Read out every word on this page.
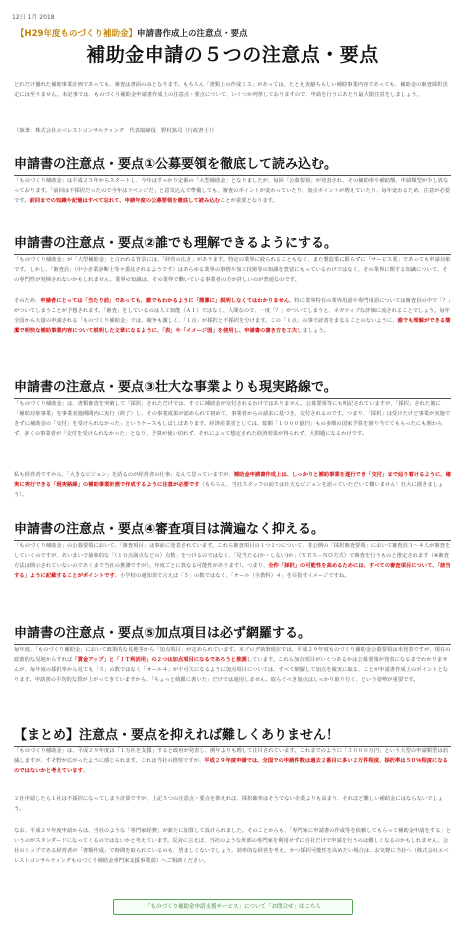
12日 1月 2018
【H29年度ものづくり補助金】申請書作成上の注意点・要点
補助金申請の５つの注意点・要点
どれだけ優れた補助事業計画であっても、審査は書面のみとなります。もちろん「書類上の作成ミス」があっては、たとえ実績ちらしい補助事業内容であっても、補助金の審査採択決定には至りません。本記事では、ものづくり補助金申請書作成上の注意点・要点について、いくつか列挙しておりますので、申請を行うにあたり最大限注意をしましょう。
（執筆：株式会社エベレストコンサルティング　代表取締役　野村篤司（行政書士））
申請書の注意点・要点①公募要領を徹底して読み込む。
「ものづくり補助金」は平成２５年からスタートし、今年はすっかり定番の「大型補助金」となりましたが、毎回「公募要領」が発表され、その補助率や補助額、申請類型が少し異なっております。「前回は不採択だったので今年はリベンジだ」と意気込んで準備しても、審査のポイントが変わっていたり、加点ポイントが増えていたり、毎年変わるため、注意が必要です。前回までの知識や記憶はすべて忘れて、申請年度の公募要領を徹底して読み込むことが重要となります。
申請書の注意点・要点②誰でも理解できるようにする。
「ものづくり補助金」が「大型補助金」と言われる背景には、「経営の広さ」があります。特定の業界に絞られることもなく、また製造業に限らずに「サービス業」であっても申請対象です。しかし、「審査員」（中小企業診断士等々委託されるようです）はあらゆる業界の事情や加工技術等の知識を豊富にもっているわけではなく、その業界に関する知識について、その専門性が発揮されないかもしれません。業界の知識は、その業界で働いている事業者の方が詳しいのが普通なのです。
そのため、申請者にとっては「当たり前」であっても、誰でもわかるように「簡潔に」説明しなくてはわかりません。特に業界特有の業界用語や専門用語については審査員の中で「？」がついてしまうことが予想されます。「審査」をしているのは人工知能（ＡＩ）ではなく、人間なので、一度「？」がついてしまうと、ネガティブな評価に流されることでしょう。毎年全国から大量の申請される「ものづくり補助金」では、競争も激しく、「１点」が採択と不採択を分けます。この「１点」の事で読者をまなることのないように、誰でも理解ができる簡潔で明快な補助事業内容について説明した文章になるように、「表」や「イメージ図」を使用し、申請書の書き方を工夫しましょう。
申請書の注意点・要点③壮大な事業よりも現実路線で。
「ものづくり補助金」は、書類審査を突破して「採択」されただけでは、すぐに補助金が交付されるわけではありません。公募要領等にも明記されていますが、「採択」された後に「補助対象事業」を事業実施期間内に実行（終了）し、その事業成果が認められて初めて、事業者からの請求に基づき、交付されるのです。つまり、「採択」は受けたけど事業が実施できずに補助金の「交付」を受けられなかった」というケースもしばしばあります。経済産業省としては、総額「１０００億円」もの多額の国家予算を割り当ててもらったにも関わらず、多くの事業者が「交付を受けられなかった」となり、予算が使い切れず、それによって想定された経済効果が得られず、大問題になるわけです。
私も経営者ですから、「大きなビジョン」を語るのが経営者の仕事」なんて思っていますが、補助金申請書作成上は、しっかりと補助事業を遂行でき「交付」まで辿り着けるように、確実に実行できる「現実路線」の補助事業計画で作成するように注意が必要です（もちろん、当社スタッフの前では壮大なビジョンを語っていただいて構いません！壮大に描きましょう）。
申請書の注意点・要点④審査項目は満遍なく抑える。
「ものづくり補助金」の公募要領において、「審査項目」は事前に発表されています。これら審査項目の１つ１つについて、非公開の「採択審査要領」において審査員３〜４人が審査をしていくのですが、あいまいで抽象的な「（１０点満点などの）点数」をつけるのではなく、「見当たる(か・しない)か」（ＹＥＳ－ＮＯ方式）で審査を行うものと推定されます（※審査方法は開示されていないのであくまで当社の推測ですが）。年度ごとに異なる可能性があります）。つまり、全件「採択」の可能性を高めるためには、すべての審査項目について、「該当する」ように記載することがポイントです。小学校の通知表で言えば「５」の数ではなく、「オール（全教科）４」を目指すイメージですね。
申請書の注意点・要点⑤加点項目は必ず網羅する。
毎年度、「ものづくり補助金」において政策的な見地等から「加点項目」が定められています。本ブログ執筆現在では、平成２９年度ものづくり補助金公募要領は未発表ですが、現在の政策的な見地からすれば「賃金アップ」と「ＩＴ利活用」の２つは加点項目になるであろうと推測しています。これら加点項目がいくつあるかは公募要領が発表になるまでわかりませんが、毎年度の採択率から見ても「５」の数ではなく「オール４」が不可欠になるように加点項目については、すべて網羅して加点を確実に取る、ことが申請書作成上のポイントとなります。申請書の平均的な質が上がってきていますから、「ちょっと綺麗に書いた」だけでは通用しません。取らぐべき加点はしっかり取り行く、という姿勢が重要です。
【まとめ】注意点・要点を抑えれば難しくありません！
「ものづくり補助金」は、平成２９年度は「１万社を支援」すると政府が発表し、例年よりも増して注目されています。これまでのように「３０００万円」という大型の申請類型は消滅しますが、すそ野が広がったように感じられます。これは当社の推察ですが、平成２９年度申請では、全国での申請件数は過去２番目に多い２万件程度、採択率は５０％程度になるのではないかと考えています。
２社申請したら１社は不採択になってしまう計算ですが、上記５つの注意点・要点を抑えれば、採択確率はそうでない企業よりも高まり、それほど難しい補助金にはならないでしょう。
なお、平成２９年度申請からは、当社のような「専門家経費」が新たに加算して設けられました。そのことからも、「専門家に申請書の作成等を依頼してもらって補助金申請をする」というのがスタンダードになってくるのではないかと考えています。反対に言えば、当社のような外部の専門家を利用せずに自社だけで申請を行うのは難しくなるのかもしれません。会社のトップである経営者が「書類作成」で時間を取られているのも、望ましくないでしょう。効率的な経営を考え、かつ採択可能性を高めたい場合は、お気軽に当社へ（株式会社エベレストコンサルティングものづくり補助金専門家支援事業部）へご相談ください。
「ものづくり補助金申請支援サービス」について「お問合せ」はこちら
